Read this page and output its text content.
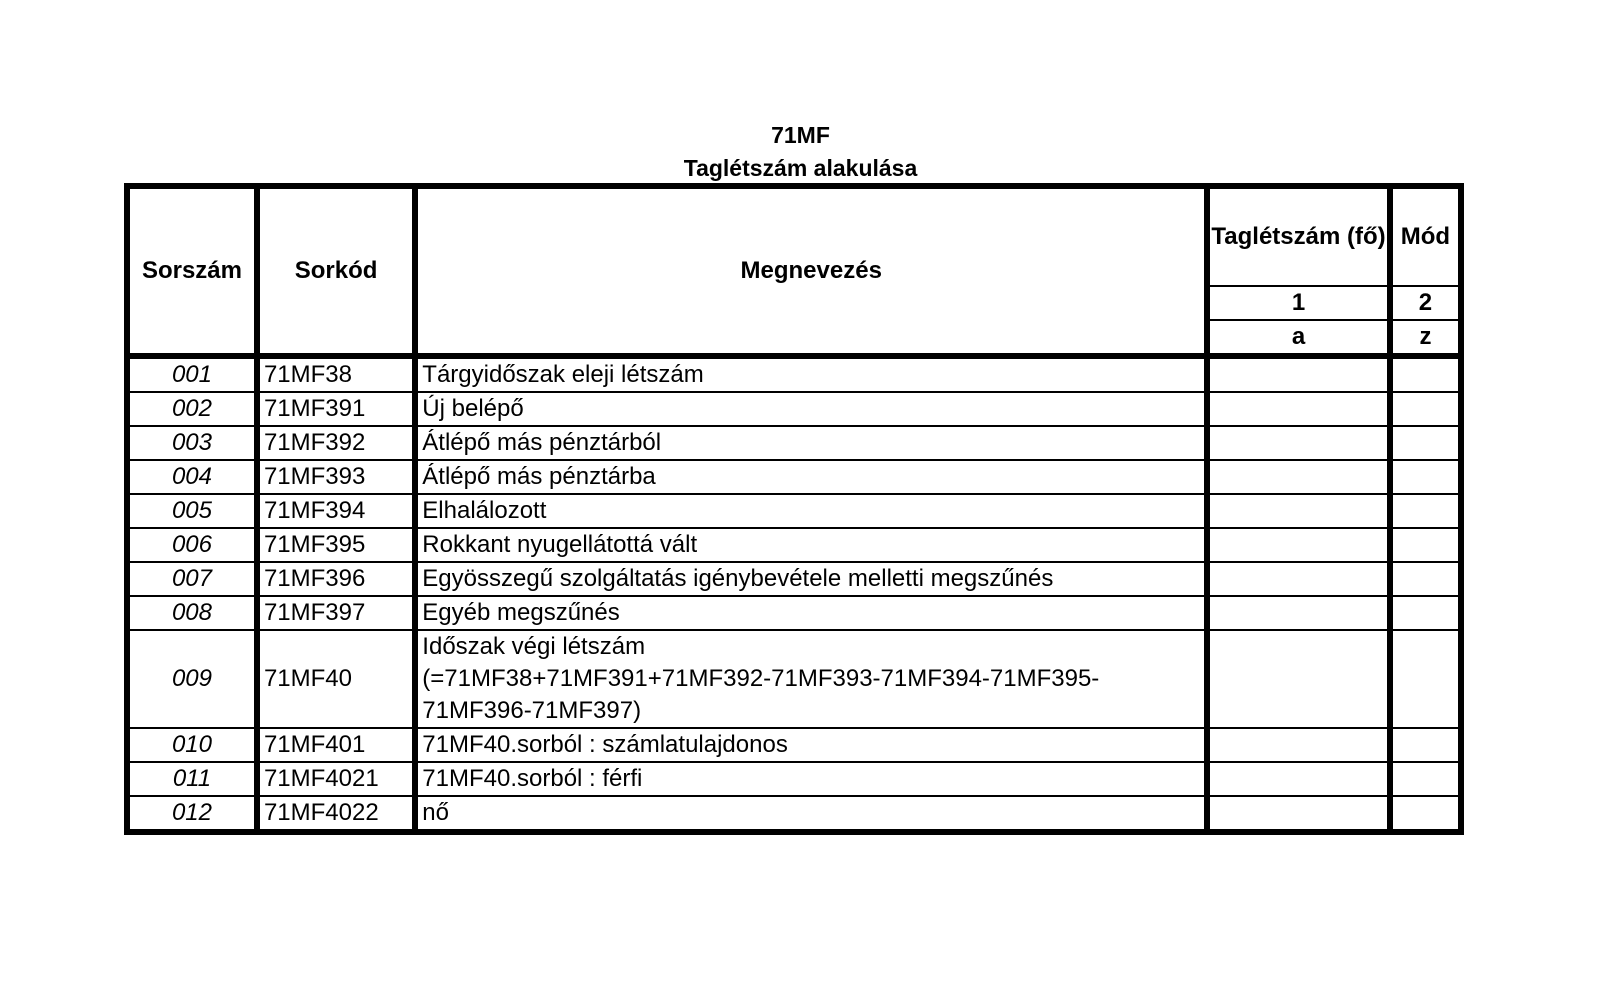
71MF
Taglétszám alakulása
Sorszám	Sorkód	Megnevezés	Taglétszám (fő)	Mód
			1	2
			a	z
001	71MF38	Tárgyidőszak eleji létszám		
002	71MF391	Új belépő		
003	71MF392	Átlépő más pénztárból		
004	71MF393	Átlépő más pénztárba		
005	71MF394	Elhalálozott		
006	71MF395	Rokkant nyugellátottá vált		
007	71MF396	Egyösszegű szolgáltatás igénybevétele melletti megszűnés		
008	71MF397	Egyéb megszűnés		
009	71MF40	Időszak végi létszám
(=71MF38+71MF391+71MF392-71MF393-71MF394-71MF395-
71MF396-71MF397)		

010	71MF401	71MF40.sorból : számlatulajdonos		
011	71MF4021	71MF40.sorból : férfi		
012	71MF4022	nő		
